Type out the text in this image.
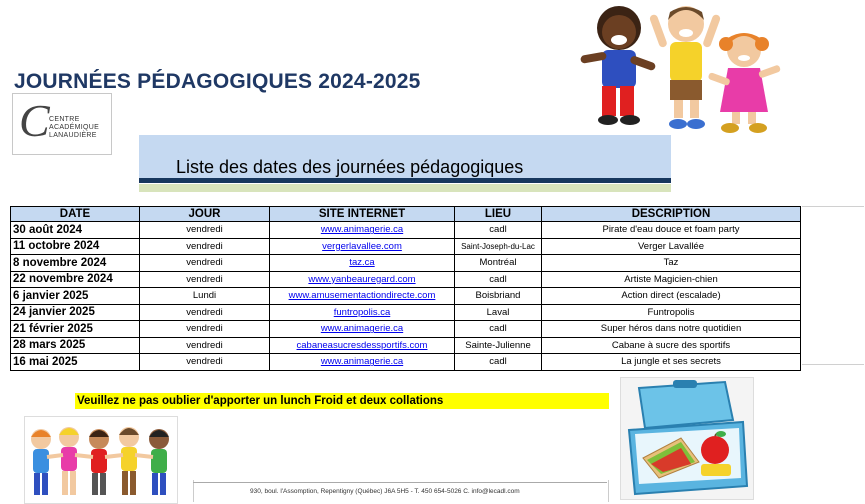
JOURNÉES PÉDAGOGIQUES 2024-2025
C CENTRE
ACADÉMIQUE
LANAUDIÈRE
Liste des dates des journées pédagogiques
DATE	JOUR	SITE INTERNET	LIEU	DESCRIPTION
30 août 2024	vendredi	www.animagerie.ca	cadl	Pirate d'eau douce et foam party
11 octobre 2024	vendredi	vergerlavallee.com	Saint-Joseph-du-Lac	Verger Lavallée
8 novembre 2024	vendredi	taz.ca	Montréal	Taz
22 novembre 2024	vendredi	www.yanbeauregard.com	cadl	Artiste Magicien-chien
6 janvier 2025	Lundi	www.amusementactiondirecte.com	Boisbriand	Action direct (escalade)
24 janvier 2025	vendredi	funtropolis.ca	Laval	Funtropolis
21 février 2025	vendredi	www.animagerie.ca	cadl	Super héros dans notre quotidien
28 mars 2025	vendredi	cabaneasucresdessportifs.com	Sainte-Julienne	Cabane à sucre des sportifs
16 mai 2025	vendredi	www.animagerie.ca	cadl	La jungle et ses secrets
Veuillez ne pas oublier d'apporter un lunch Froid et deux collations
930, boul. l'Assomption, Repentigny (Québec) J6A 5H5 - T. 450 654-5026 C. info@lecadl.com
